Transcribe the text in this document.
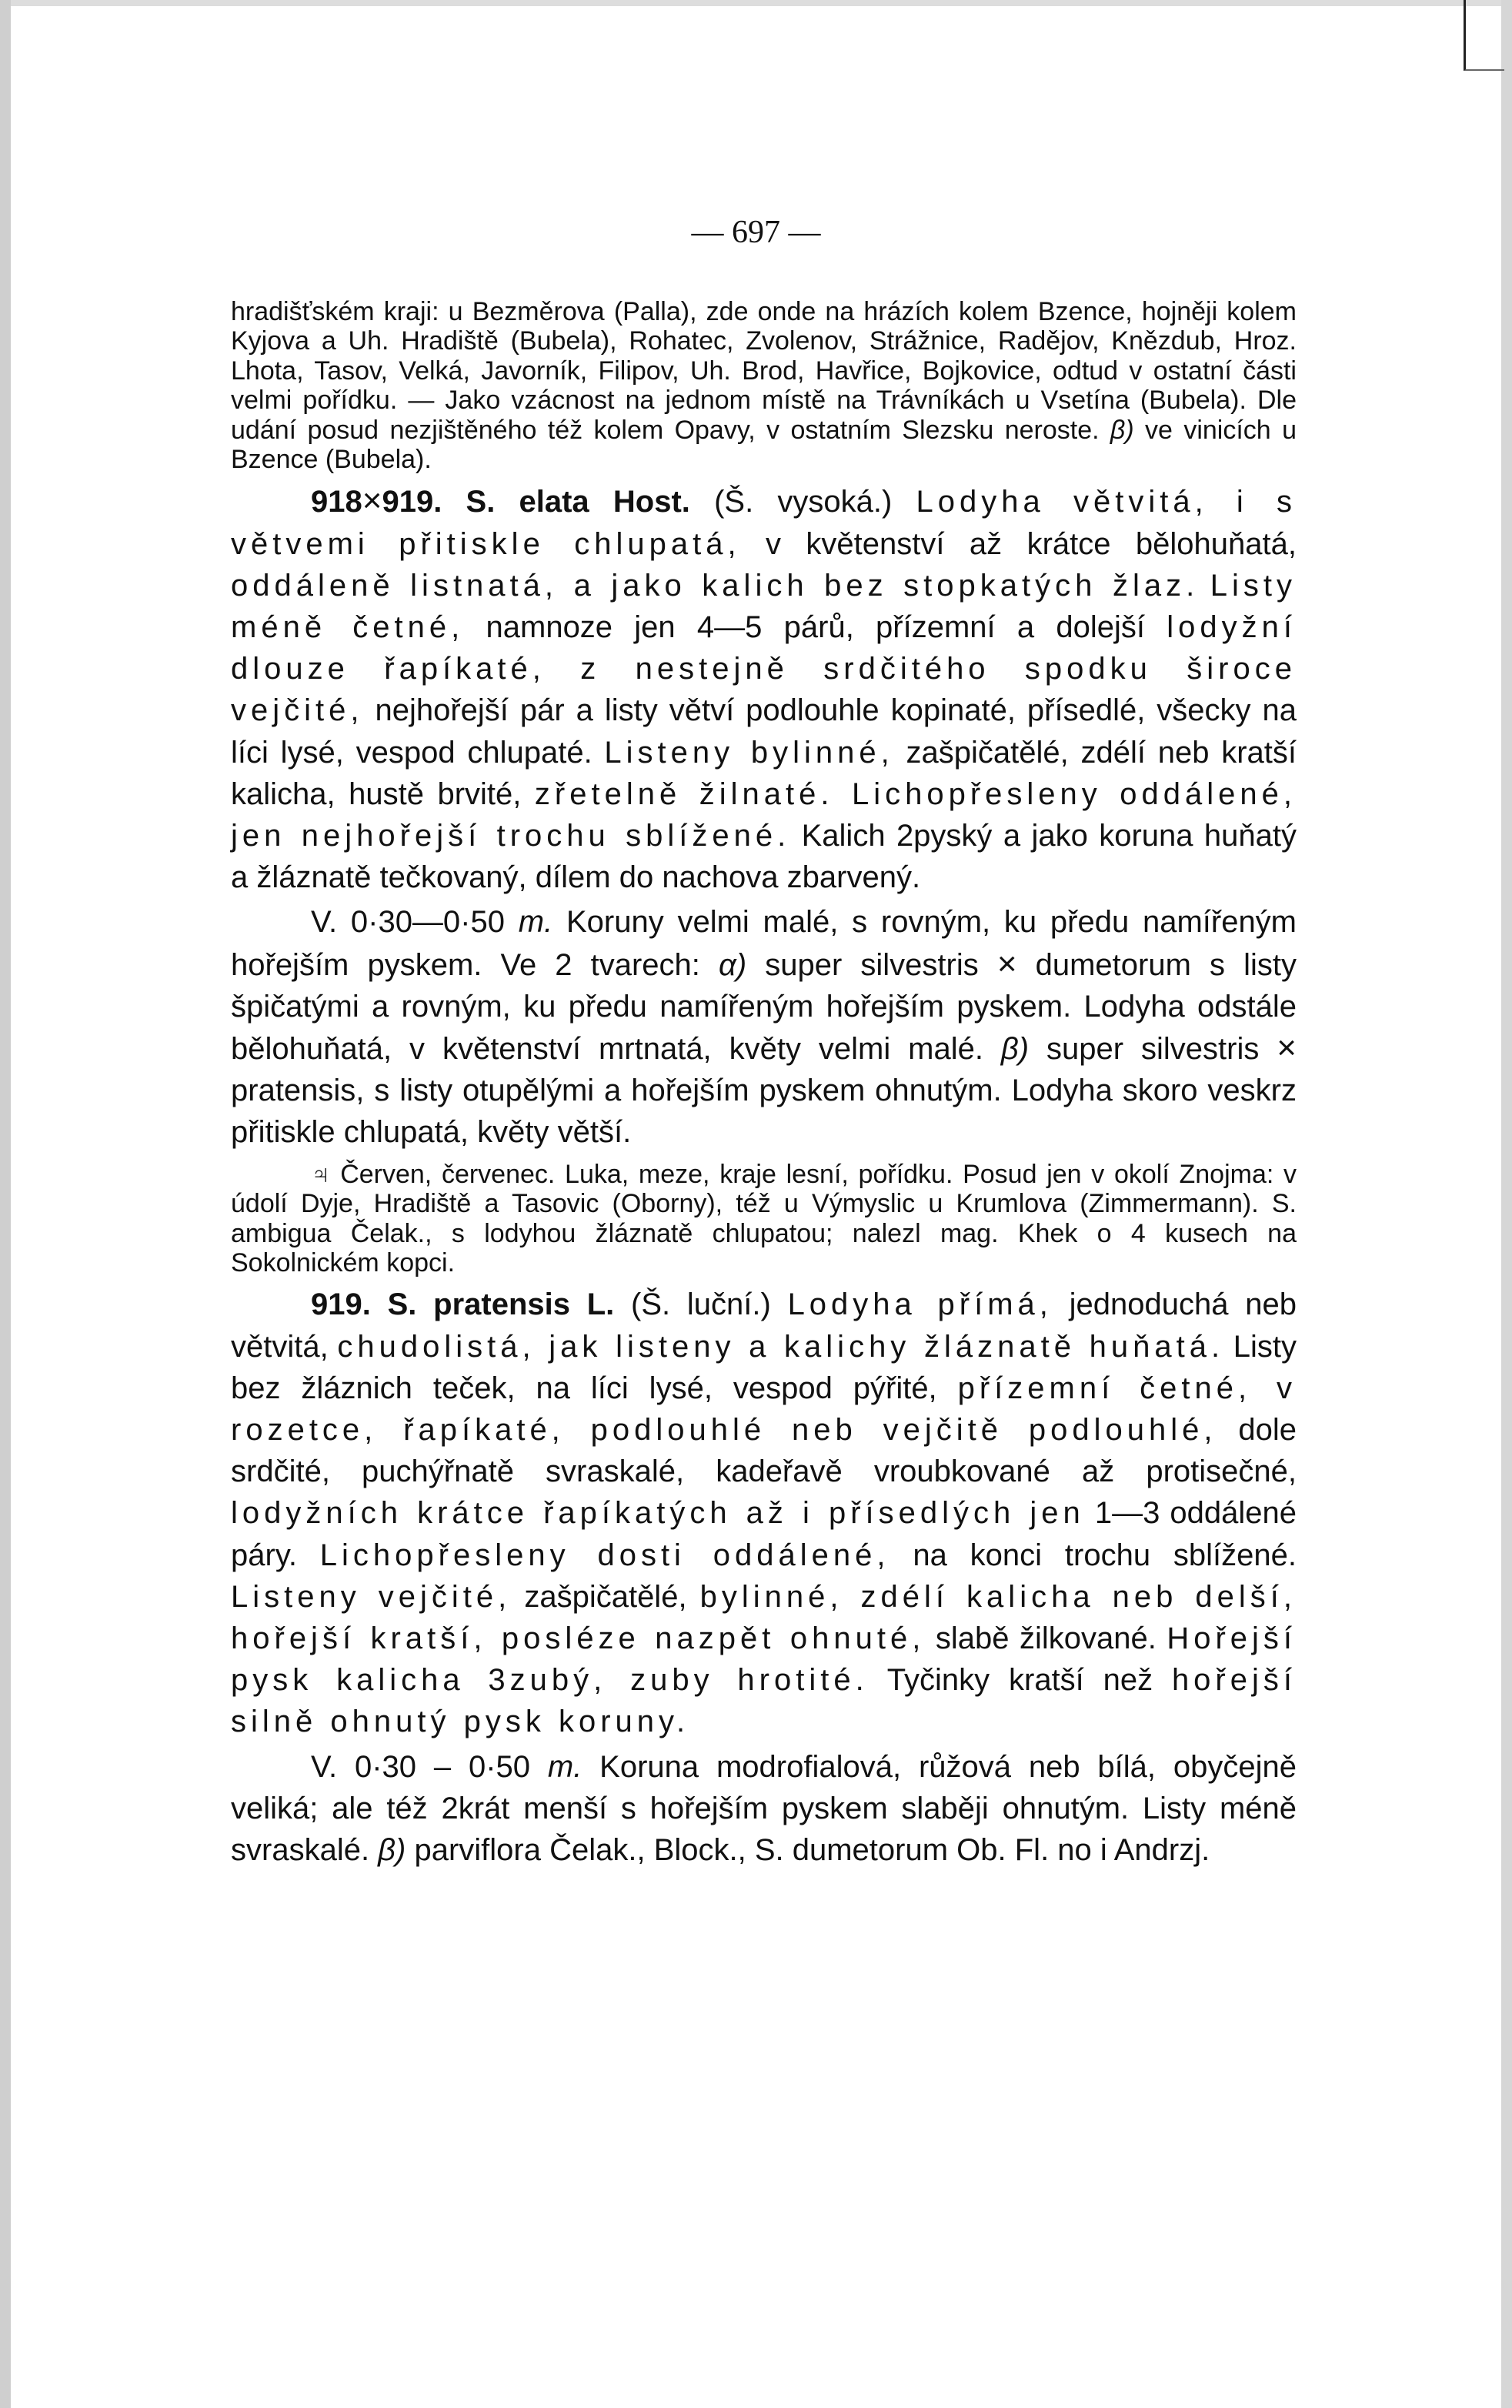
— 697 —

hradišťském kraji: u Bezměrova (Palla), zde onde na hrázích kolem Bzence, hojněji kolem Kyjova a Uh. Hradiště (Bubela), Rohatec, Zvolenov, Strážnice, Radějov, Knězdub, Hroz. Lhota, Tasov, Velká, Javorník, Filipov, Uh. Brod, Havřice, Bojkovice, odtud v ostatní části velmi pořídku. — Jako vzácnost na jednom místě na Trávníkách u Vsetína (Bubela). Dle udání posud nezjištěného též kolem Opavy, v ostatním Slezsku neroste. β) ve vinicích u Bzence (Bubela).

918×919. S. elata Host. (Š. vysoká.) Lodyha větvitá, i s větvemi přitiskle chlupatá, v květenství až krátce bělohuňatá, oddáleně listnatá, a jako kalich bez stopkatých žlaz. Listy méně četné, namnoze jen 4—5 párů, přízemní a dolejší lodyžní dlouze řapíkaté, z nestejně srdčitého spodku široce vejčité, nejhořejší pár a listy větví podlouhle kopinaté, přísedlé, všecky na líci lysé, vespod chlupaté. Listeny bylinné, zašpičatělé, zdélí neb kratší kalicha, hustě brvité, zřetelně žilnaté. Lichopřesleny oddálené, jen nejhořejší trochu sblížené. Kalich 2pyský a jako koruna huňatý a žláznatě tečkovaný, dílem do nachova zbarvený.

V. 0·30—0·50 m. Koruny velmi malé, s rovným, ku předu namířeným hořejším pyskem. Ve 2 tvarech: α) super silvestris × dumetorum s listy špičatými a rovným, ku předu namířeným hořejším pyskem. Lodyha odstále bělohuňatá, v květenství mrtnatá, květy velmi malé. β) super silvestris × pratensis, s listy otupělými a hořejším pyskem ohnutým. Lodyha skoro veskrz přitiskle chlupatá, květy větší.

♃ Červen, červenec. Luka, meze, kraje lesní, pořídku. Posud jen v okolí Znojma: v údolí Dyje, Hradiště a Tasovic (Oborny), též u Výmyslic u Krumlova (Zimmermann). S. ambigua Čelak., s lodyhou žláznatě chlupatou; nalezl mag. Khek o 4 kusech na Sokolnickém kopci.

919. S. pratensis L. (Š. luční.) Lodyha přímá, jednoduchá neb větvitá, chudolistá, jak listeny a kalichy žláznatě huňatá. Listy bez žláznich teček, na líci lysé, vespod pýřité, přízemní četné, v rozetce, řapíkaté, podlouhlé neb vejčitě podlouhlé, dole srdčité, puchýřnatě svraskalé, kadeřavě vroubkované až protisečné, lodyžních krátce řapíkatých až i přísedlých jen 1—3 oddálené páry. Lichopřesleny dosti oddálené, na konci trochu sblížené. Listeny vejčité, zašpičatělé, bylinné, zdélí kalicha neb delší, hořejší kratší, posléze nazpět ohnuté, slabě žilkované. Hořejší pysk kalicha 3zubý, zuby hrotité. Tyčinky kratší než hořejší silně ohnutý pysk koruny.

V. 0·30 – 0·50 m. Koruna modrofialová, růžová neb bílá, obyčejně veliká; ale též 2krát menší s hořejším pyskem slaběji ohnutým. Listy méně svraskalé. β) parviflora Čelak., Block., S. dumetorum Ob. Fl. no i Andrzj.
